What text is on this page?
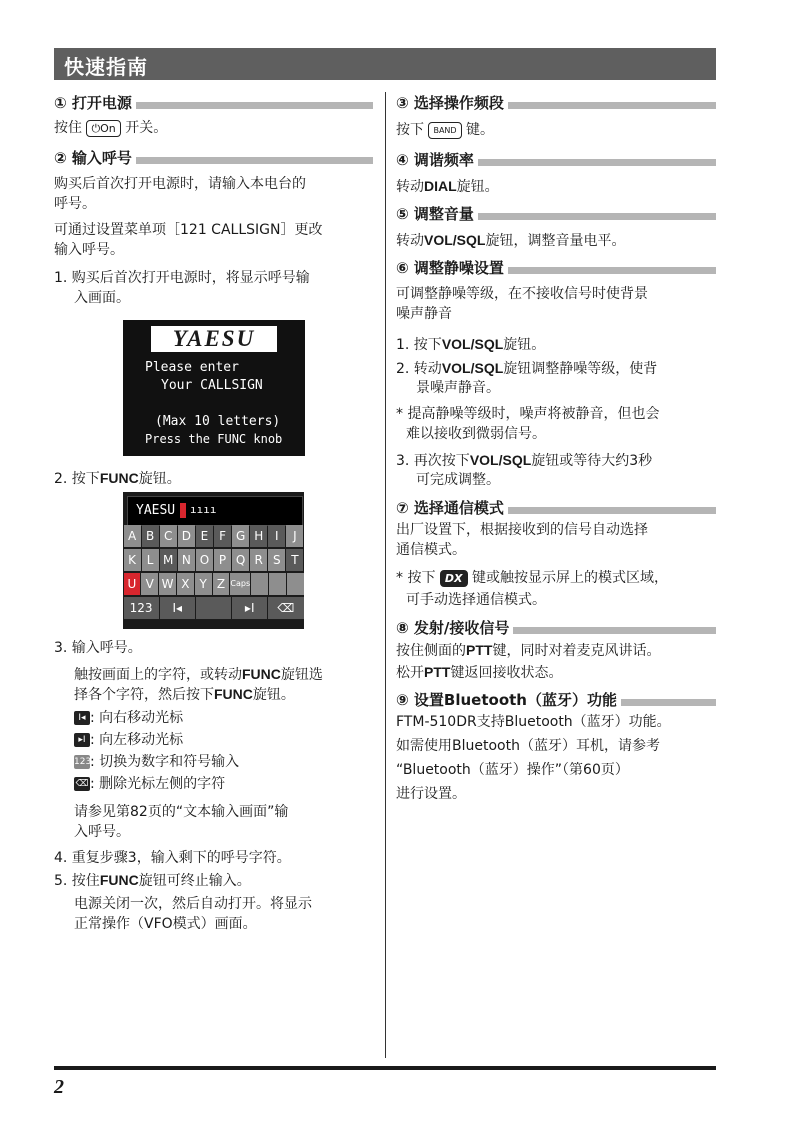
快速指南
① 打开电源
按住 ⏻On 开关。
② 输入呼号
购买后首次打开电源时，请输入本电台的
呼号。
可通过设置菜单项［121 CALLSIGN］更改
输入呼号。
1. 购买后首次打开电源时，将显示呼号输
入画面。
YAESU
Please enter
Your CALLSIGN
(Max 10 letters)
Press the FUNC knob
2. 按下FUNC旋钮。
YAESU ıııı
A B C D E F G H I	J
K L M N O P Q R S T
U V W X Y Z Caps
123	I◂	▸I	⌫
3. 输入呼号。
触按画面上的字符，或转动FUNC旋钮选
择各个字符，然后按下FUNC旋钮。
I◂ : 向右移动光标
▸I : 向左移动光标
123: 切换为数字和符号输入
⌫ : 删除光标左侧的字符
请参见第82页的“文本输入画面”输
入呼号。
4. 重复步骤3，输入剩下的呼号字符。
5. 按住FUNC旋钮可终止输入。
电源关闭一次，然后自动打开。将显示
正常操作（VFO模式）画面。
③ 选择操作频段
按下 BAND 键。
④ 调谐频率
转动DIAL旋钮。
⑤ 调整音量
转动VOL/SQL旋钮，调整音量电平。
⑥ 调整静噪设置
可调整静噪等级，在不接收信号时使背景
噪声静音
1. 按下VOL/SQL旋钮。
2. 转动VOL/SQL旋钮调整静噪等级，使背
景噪声静音。
* 提高静噪等级时，噪声将被静音，但也会
难以接收到微弱信号。
3. 再次按下VOL/SQL旋钮或等待大约3秒
可完成调整。
⑦ 选择通信模式
出厂设置下，根据接收到的信号自动选择
通信模式。
* 按下 DX 键或触按显示屏上的模式区域，
可手动选择通信模式。
⑧ 发射/接收信号
按住侧面的PTT键，同时对着麦克风讲话。
松开PTT键返回接收状态。
⑨ 设置Bluetooth（蓝牙）功能
FTM-510DR支持Bluetooth（蓝牙）功能。
如需使用Bluetooth（蓝牙）耳机，请参考
“Bluetooth（蓝牙）操作”（第60页）
进行设置。
2
